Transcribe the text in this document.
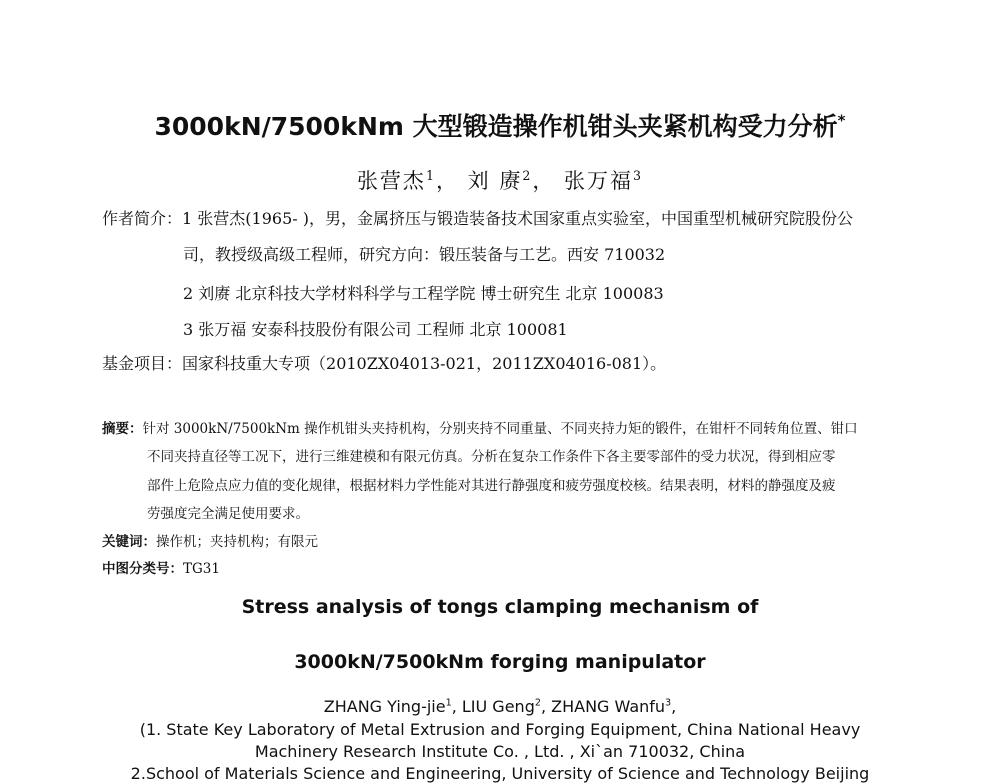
3000kN/7500kNm 大型锻造操作机钳头夹紧机构受力分析*
张营杰$^1$， 刘 赓$^2$， 张万福$^3$
作者简介：1 张营杰(1965- )，男，金属挤压与锻造装备技术国家重点实验室，中国重型机械研究院股份公
司，教授级高级工程师，研究方向：锻压装备与工艺。西安 710032
2 刘赓 北京科技大学材料科学与工程学院 博士研究生 北京 100083
3 张万福 安泰科技股份有限公司 工程师 北京 100081
基金项目：国家科技重大专项（2010ZX04013-021，2011ZX04016-081）。
摘要：针对 3000kN/7500kNm 操作机钳头夹持机构，分别夹持不同重量、不同夹持力矩的锻件，在钳杆不同转角位置、钳口
不同夹持直径等工况下，进行三维建模和有限元仿真。分析在复杂工作条件下各主要零部件的受力状况，得到相应零
部件上危险点应力值的变化规律，根据材料力学性能对其进行静强度和疲劳强度校核。结果表明，材料的静强度及疲
劳强度完全满足使用要求。
关键词：操作机；夹持机构；有限元
中图分类号：TG31
Stress analysis of tongs clamping mechanism of
3000kN/7500kNm forging manipulator
ZHANG Ying-jie$^1$, LIU Geng$^2$, ZHANG Wanfu$^3$,
(1. State Key Laboratory of Metal Extrusion and Forging Equipment, China National Heavy
Machinery Research Institute Co. , Ltd. , Xi`an 710032, China
2.School of Materials Science and Engineering, University of Science and Technology Beijing
